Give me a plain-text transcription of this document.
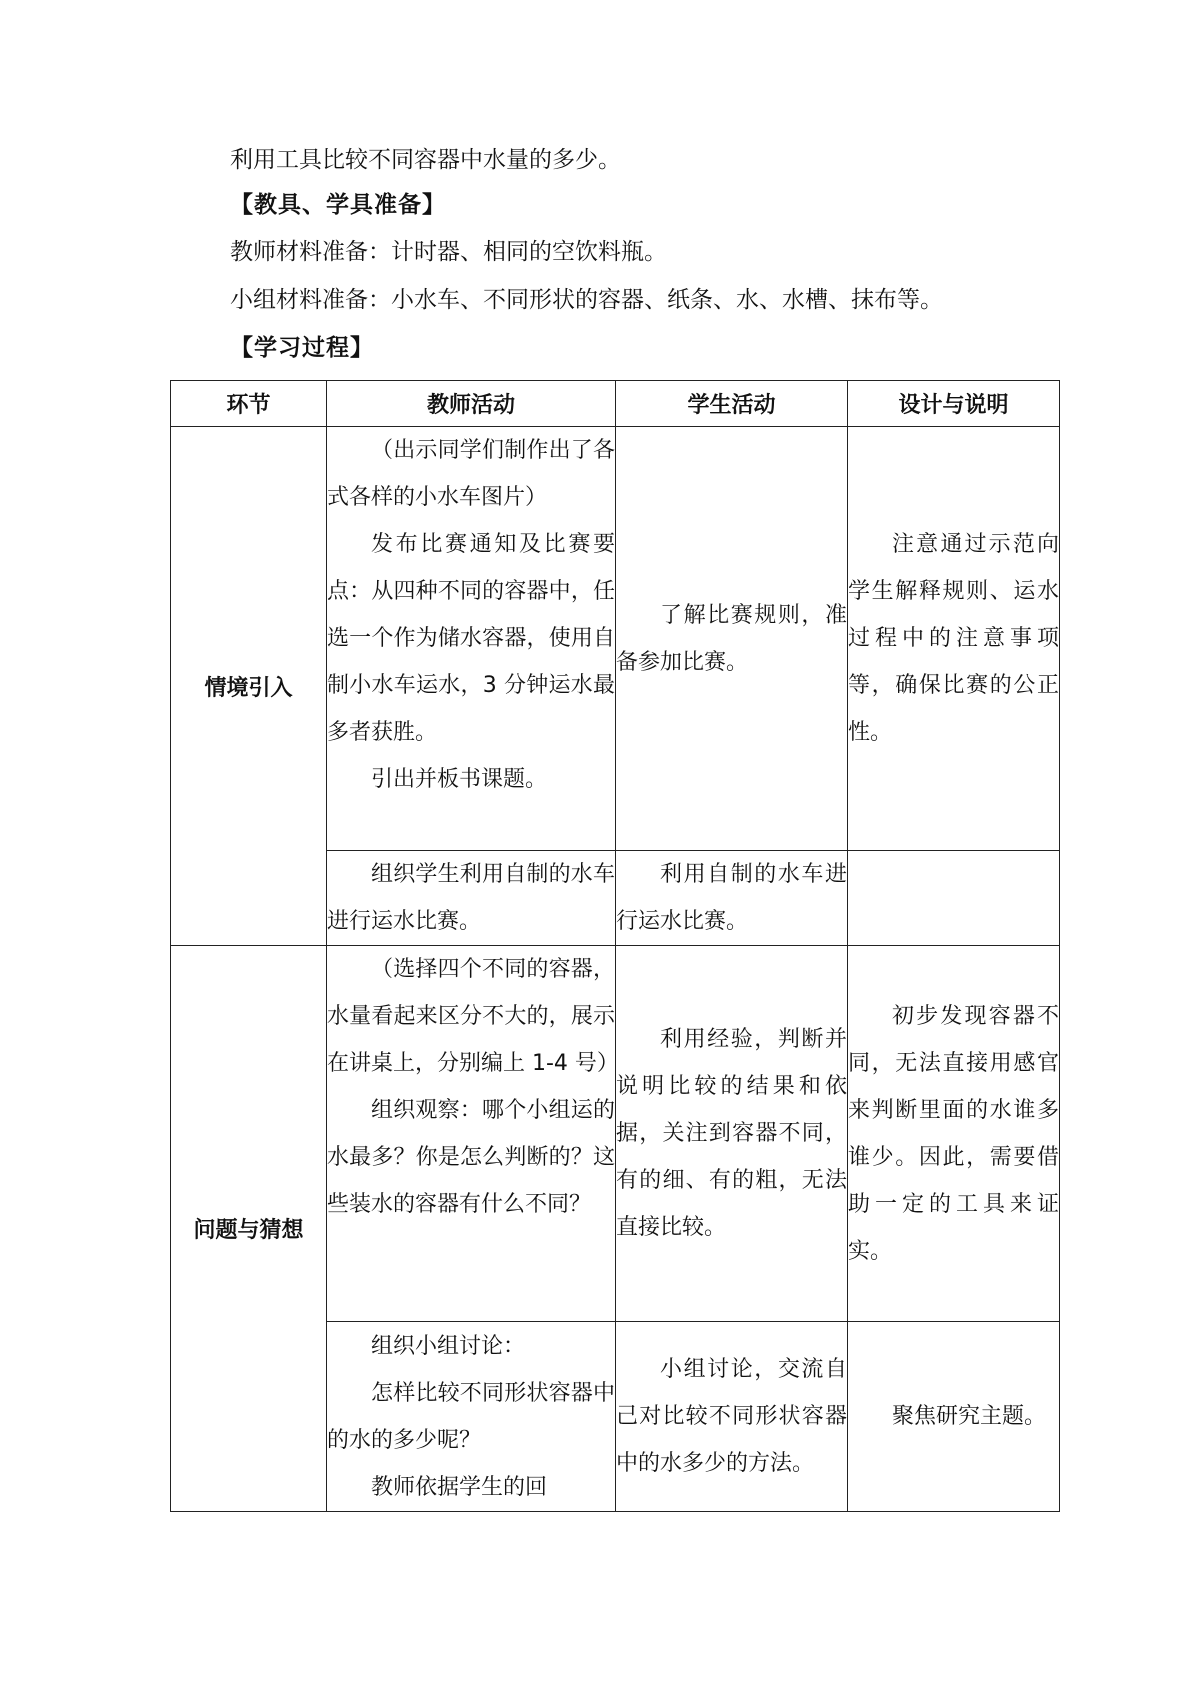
利用工具比较不同容器中水量的多少。

【教具、学具准备】

教师材料准备：计时器、相同的空饮料瓶。

小组材料准备：小水车、不同形状的容器、纸条、水、水槽、抹布等。

【学习过程】

环节	教师活动	学生活动	设计与说明
情境引入	（出示同学们制作出了各式各样的小水车图片）

发布比赛通知及比赛要点：从四种不同的容器中，任选一个作为储水容器，使用自制小水车运水，3 分钟运水最多者获胜。

引出并板书课题。	了解比赛规则，准备参加比赛。	注意通过示范向学生解释规则、运水过程中的注意事项等，确保比赛的公正性。

	组织学生利用自制的水车进行运水比赛。	利用自制的水车进行运水比赛。	

问题与猜想	（选择四个不同的容器，水量看起来区分不大的，展示在讲桌上，分别编上 1-4 号）

组织观察：哪个小组运的水最多？你是怎么判断的？这些装水的容器有什么不同？	利用经验，判断并说明比较的结果和依据，关注到容器不同，有的细、有的粗，无法直接比较。	初步发现容器不同，无法直接用感官来判断里面的水谁多谁少。因此，需要借助一定的工具来证实。

	组织小组讨论：

怎样比较不同形状容器中的水的多少呢？

教师依据学生的回	小组讨论，交流自己对比较不同形状容器中的水多少的方法。	聚焦研究主题。
